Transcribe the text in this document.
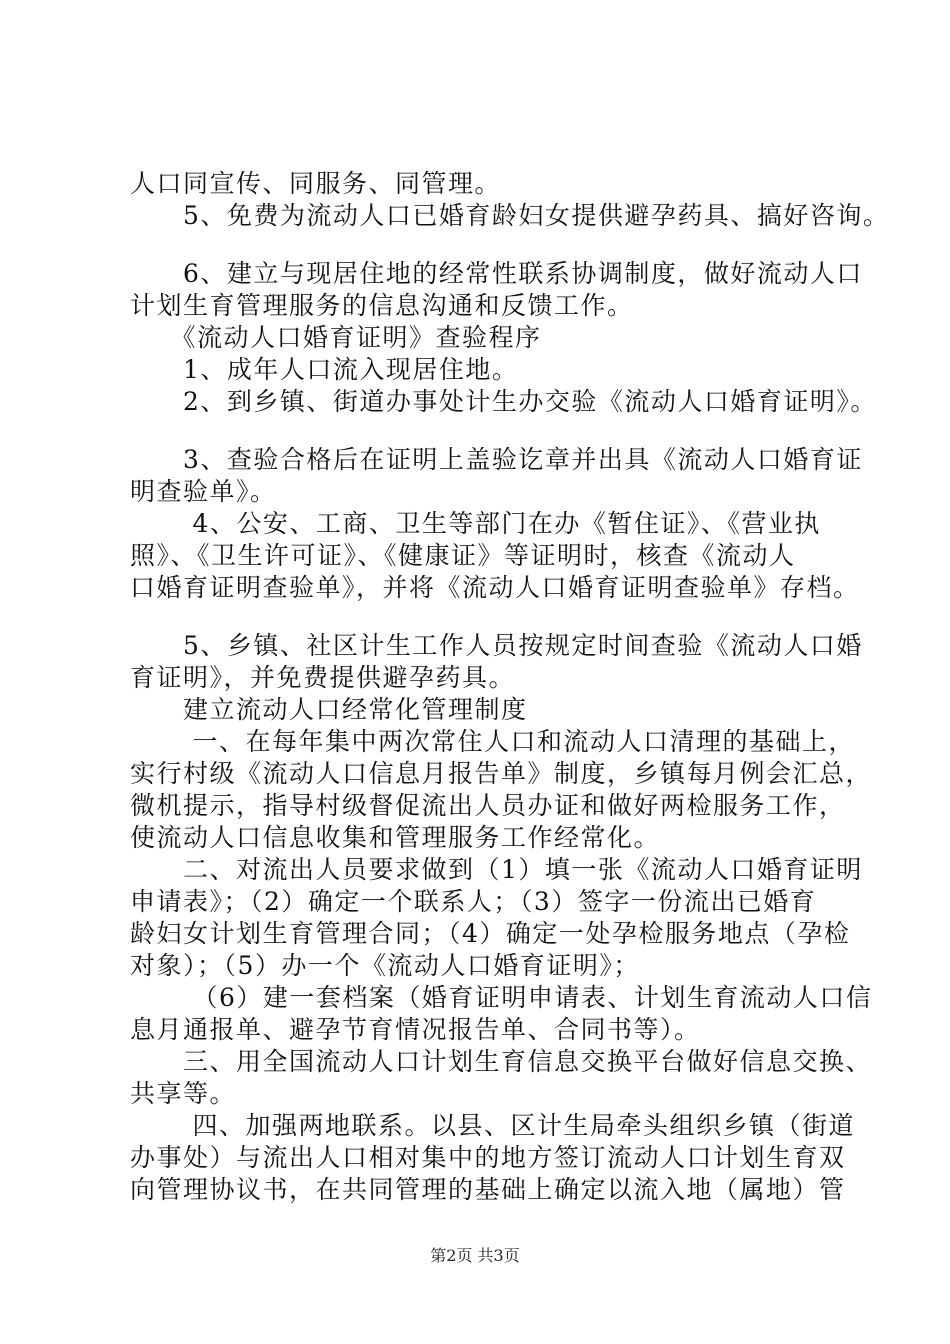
人口同宣传、同服务、同管理。

　　5、免费为流动人口已婚育龄妇女提供避孕药具、搞好咨询。

　　6、建立与现居住地的经常性联系协调制度，做好流动人口

计划生育管理服务的信息沟通和反馈工作。

　　《流动人口婚育证明》查验程序

　　1、成年人口流入现居住地。

　　2、到乡镇、街道办事处计生办交验《流动人口婚育证明》。

　　3、查验合格后在证明上盖验讫章并出具《流动人口婚育证

明查验单》。

　　 4、公安、工商、卫生等部门在办《暂住证》、《营业执

照》、《卫生许可证》、《健康证》等证明时，核查《流动人

口婚育证明查验单》，并将《流动人口婚育证明查验单》存档。

　　5、乡镇、社区计生工作人员按规定时间查验《流动人口婚

育证明》，并免费提供避孕药具。

　　建立流动人口经常化管理制度

　　 一、在每年集中两次常住人口和流动人口清理的基础上，

实行村级《流动人口信息月报告单》制度，乡镇每月例会汇总，

微机提示，指导村级督促流出人员办证和做好两检服务工作，

使流动人口信息收集和管理服务工作经常化。

　　二、对流出人员要求做到（1）填一张《流动人口婚育证明

申请表》；（2）确定一个联系人；（3）签字一份流出已婚育

龄妇女计划生育管理合同；（4）确定一处孕检服务地点（孕检

对象）；（5）办一个《流动人口婚育证明》；

　　 （6）建一套档案（婚育证明申请表、计划生育流动人口信

息月通报单、避孕节育情况报告单、合同书等）。

　　三、用全国流动人口计划生育信息交换平台做好信息交换、

共享等。

　　 四、加强两地联系。以县、区计生局牵头组织乡镇（街道

办事处）与流出人口相对集中的地方签订流动人口计划生育双

向管理协议书，在共同管理的基础上确定以流入地（属地）管

第2页 共3页
